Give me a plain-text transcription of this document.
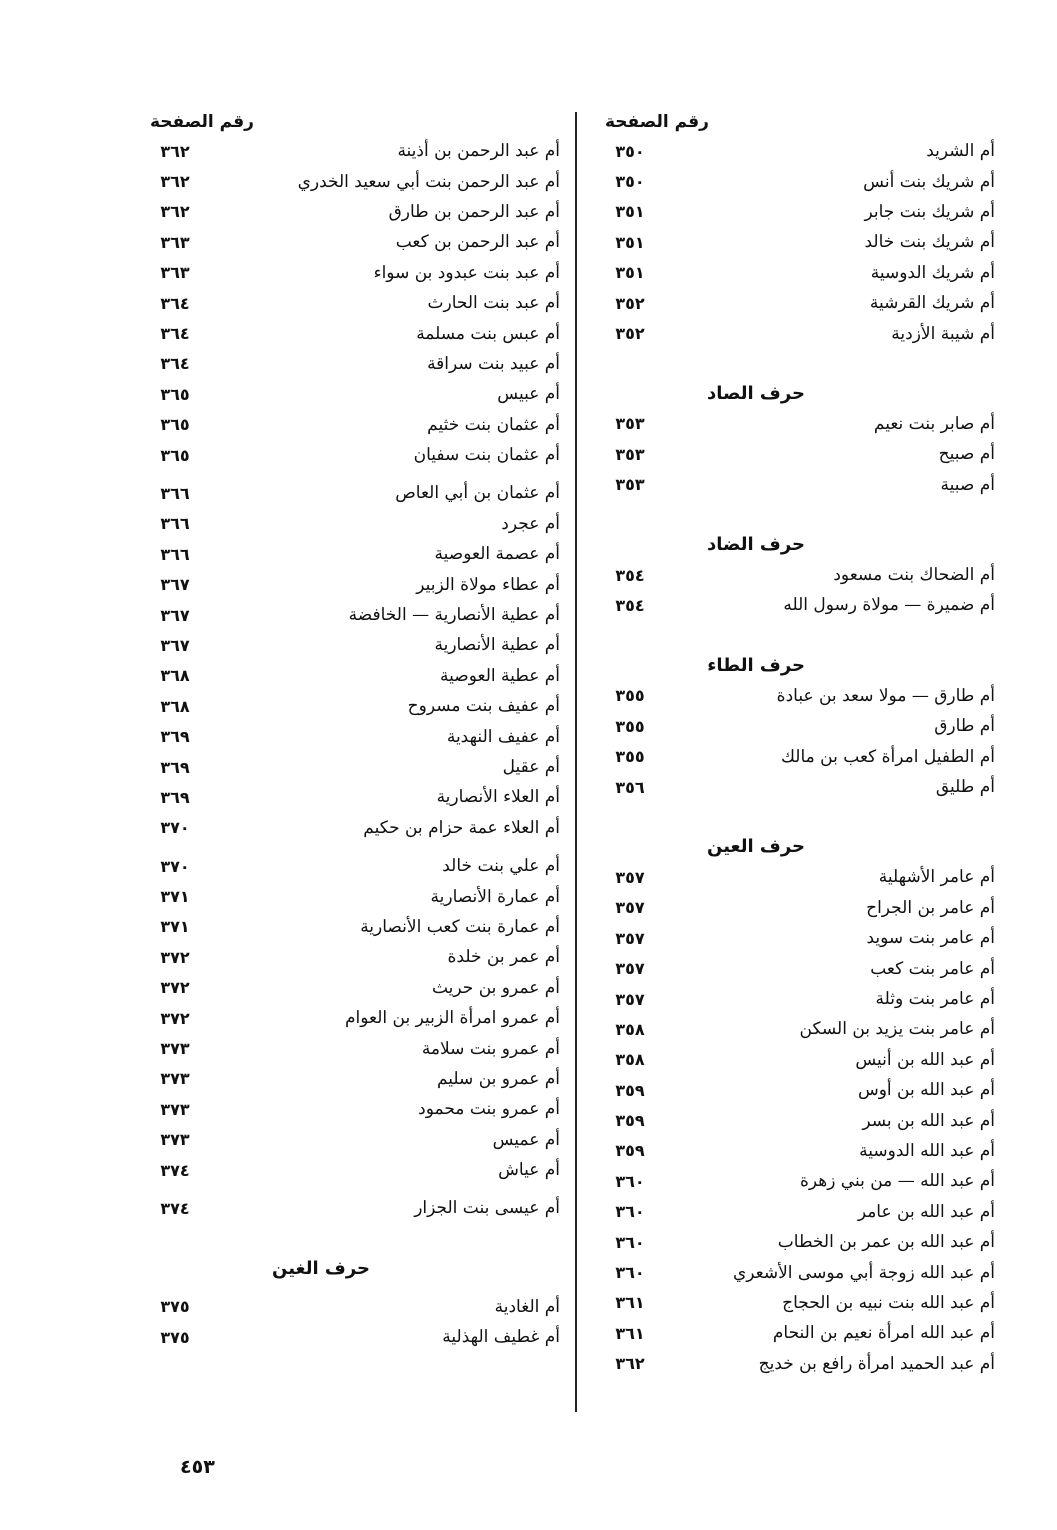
رقم الصفحة
أم الشريد
٣٥٠
أم شريك بنت أنس
٣٥٠
أم شريك بنت جابر
٣٥١
أم شريك بنت خالد
٣٥١
أم شريك الدوسية
٣٥١
أم شريك القرشية
٣٥٢
أم شيبة الأزدية
٣٥٢
حرف الصاد
أم صابر بنت نعيم
٣٥٣
أم صبيح
٣٥٣
أم صبية
٣٥٣
حرف الضاد
أم الضحاك بنت مسعود
٣٥٤
أم ضميرة — مولاة رسول الله
٣٥٤
حرف الطاء
أم طارق — مولا سعد بن عبادة
٣٥٥
أم طارق
٣٥٥
أم الطفيل امرأة كعب بن مالك
٣٥٥
أم طليق
٣٥٦
حرف العين
أم عامر الأشهلية
٣٥٧
أم عامر بن الجراح
٣٥٧
أم عامر بنت سويد
٣٥٧
أم عامر بنت كعب
٣٥٧
أم عامر بنت وثلة
٣٥٧
أم عامر بنت يزيد بن السكن
٣٥٨
أم عبد الله بن أنيس
٣٥٨
أم عبد الله بن أوس
٣٥٩
أم عبد الله بن بسر
٣٥٩
أم عبد الله الدوسية
٣٥٩
أم عبد الله — من بني زهرة
٣٦٠
أم عبد الله بن عامر
٣٦٠
أم عبد الله بن عمر بن الخطاب
٣٦٠
أم عبد الله زوجة أبي موسى الأشعري
٣٦٠
أم عبد الله بنت نبيه بن الحجاج
٣٦١
أم عبد الله امرأة نعيم بن النحام
٣٦١
أم عبد الحميد امرأة رافع بن خديج
٣٦٢
رقم الصفحة
أم عبد الرحمن بن أذينة
٣٦٢
أم عبد الرحمن بنت أبي سعيد الخدري
٣٦٢
أم عبد الرحمن بن طارق
٣٦٢
أم عبد الرحمن بن كعب
٣٦٣
أم عبد بنت عبدود بن سواء
٣٦٣
أم عبد بنت الحارث
٣٦٤
أم عبس بنت مسلمة
٣٦٤
أم عبيد بنت سراقة
٣٦٤
أم عبيس
٣٦٥
أم عثمان بنت خثيم
٣٦٥
أم عثمان بنت سفيان
٣٦٥
أم عثمان بن أبي العاص
٣٦٦
أم عجرد
٣٦٦
أم عصمة العوصية
٣٦٦
أم عطاء مولاة الزبير
٣٦٧
أم عطية الأنصارية — الخافضة
٣٦٧
أم عطية الأنصارية
٣٦٧
أم عطية العوصية
٣٦٨
أم عفيف بنت مسروح
٣٦٨
أم عفيف النهدية
٣٦٩
أم عقيل
٣٦٩
أم العلاء الأنصارية
٣٦٩
أم العلاء عمة حزام بن حكيم
٣٧٠
أم علي بنت خالد
٣٧٠
أم عمارة الأنصارية
٣٧١
أم عمارة بنت كعب الأنصارية
٣٧١
أم عمر بن خلدة
٣٧٢
أم عمرو بن حريث
٣٧٢
أم عمرو امرأة الزبير بن العوام
٣٧٢
أم عمرو بنت سلامة
٣٧٣
أم عمرو بن سليم
٣٧٣
أم عمرو بنت محمود
٣٧٣
أم عميس
٣٧٣
أم عياش
٣٧٤
أم عيسى بنت الجزار
٣٧٤
حرف الغين
أم الغادية
٣٧٥
أم غطيف الهذلية
٣٧٥
٤٥٣
